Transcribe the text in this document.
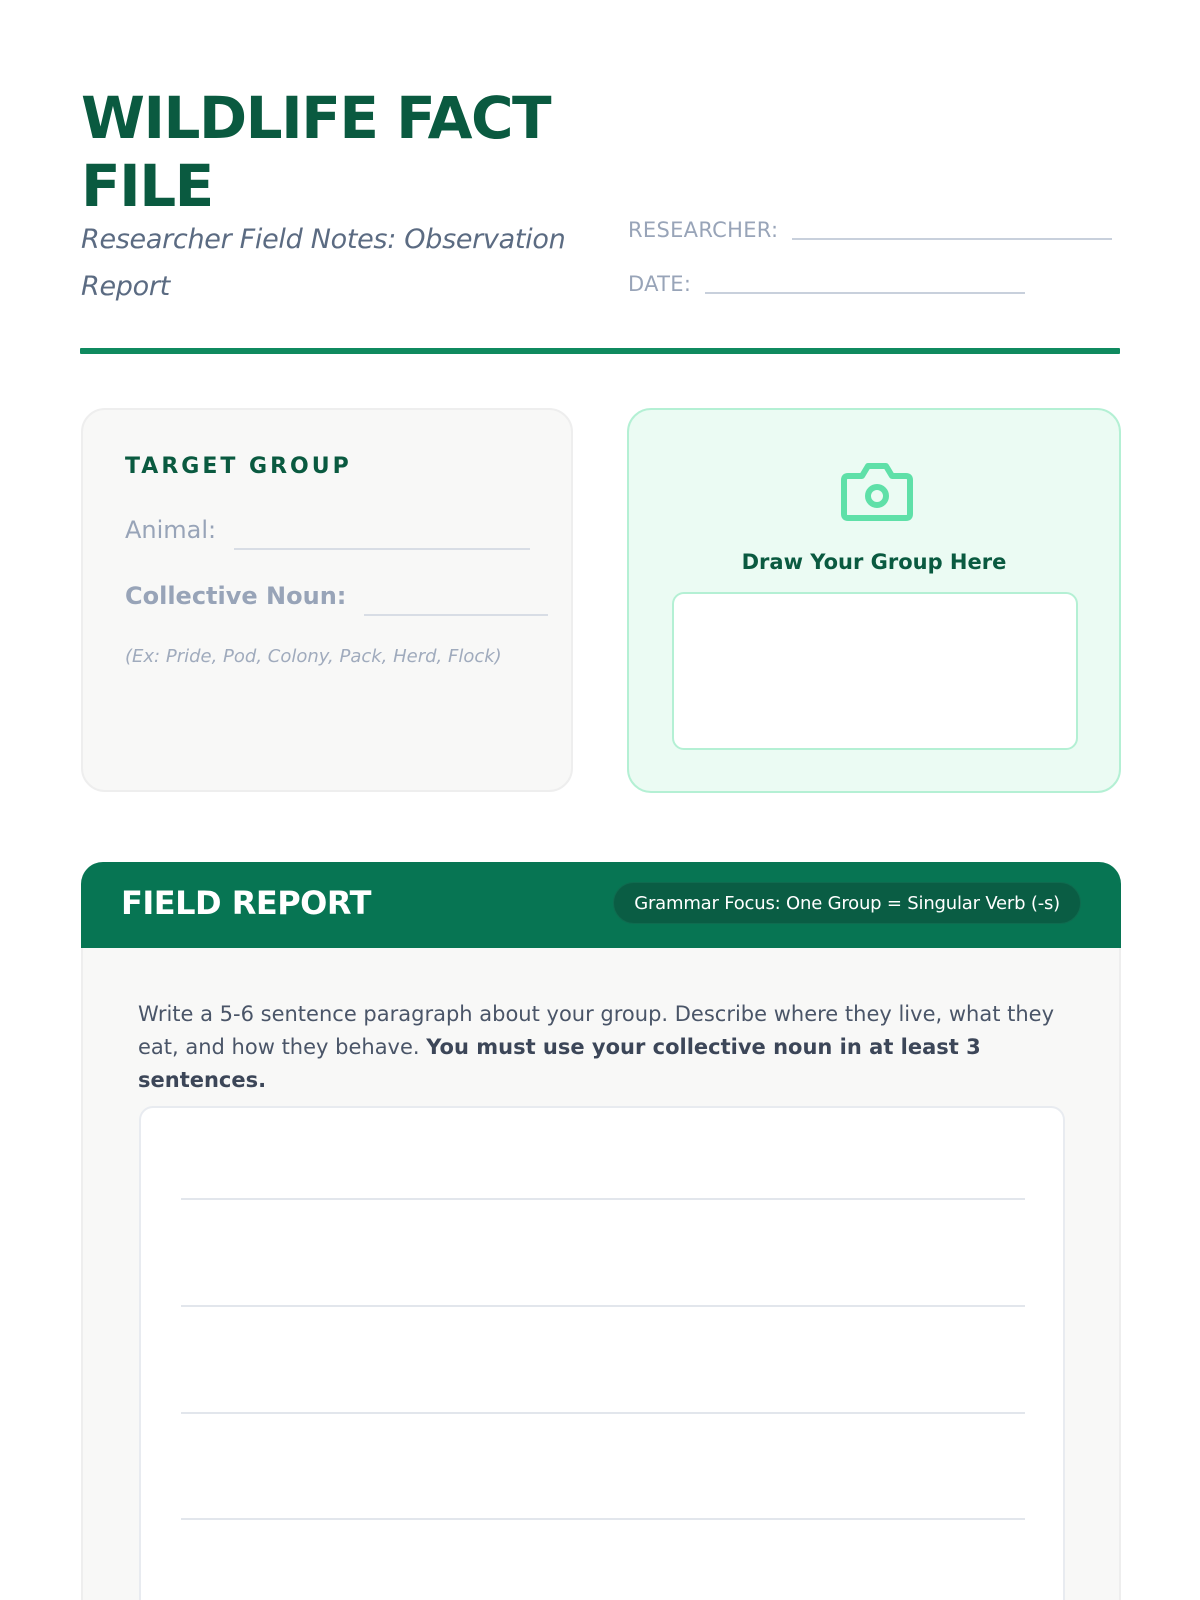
WILDLIFE FACT FILE
Researcher Field Notes: Observation Report
RESEARCHER:
DATE:
TARGET GROUP
Animal:
Collective Noun:
(Ex: Pride, Pod, Colony, Pack, Herd, Flock)
Draw Your Group Here
FIELD REPORT	Grammar Focus: One Group = Singular Verb (-s)

Write a 5-6 sentence paragraph about your group. Describe where they live, what they eat, and how they behave. You must use your collective noun in at least 3 sentences.
